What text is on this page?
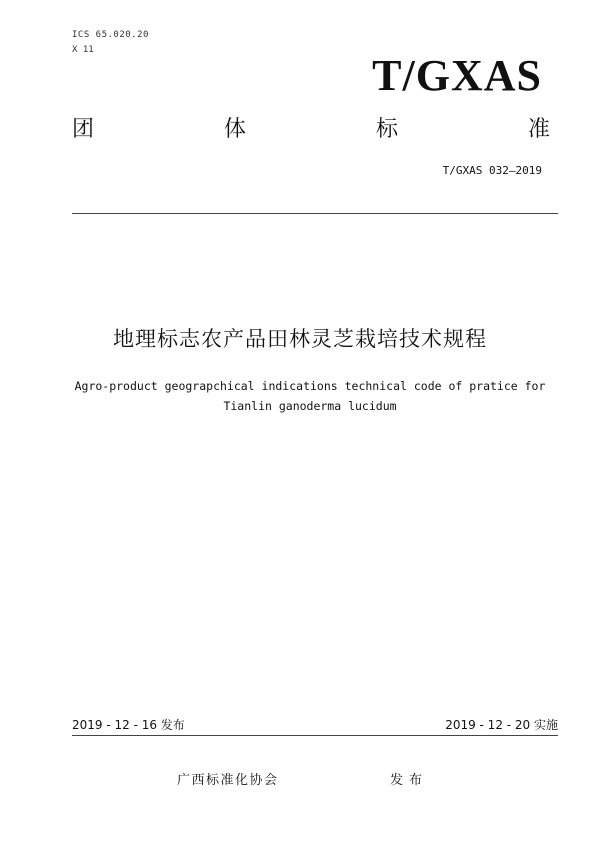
ICS 65.020.20
X 11
T/GXAS
团	体	标	准
T/GXAS 032—2019
地理标志农产品田林灵芝栽培技术规程
Agro-product geograpchical indications technical code of pratice for
Tianlin ganoderma lucidum
2019 - 12 - 16 发布	2019 - 12 - 20 实施
广西标准化协会	发布
